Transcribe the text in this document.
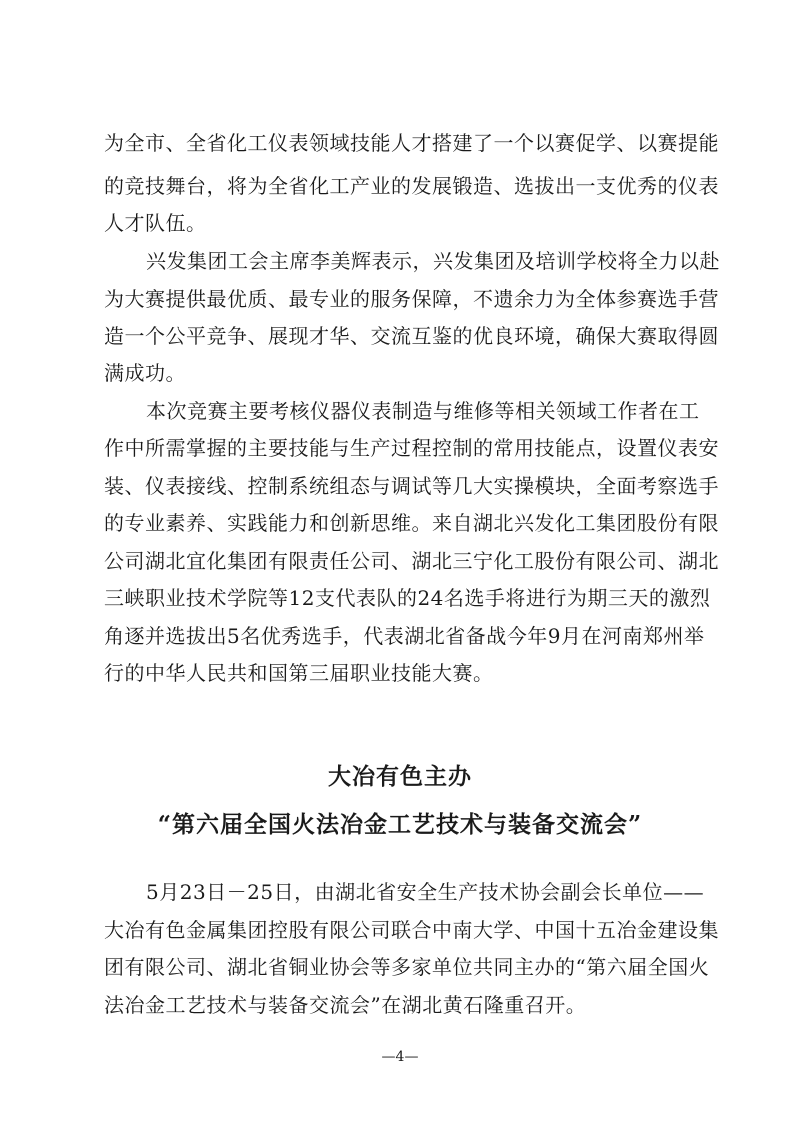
为全市、全省化工仪表领域技能人才搭建了一个以赛促学、以赛提能
的竞技舞台，将为全省化工产业的发展锻造、选拔出一支优秀的仪表
人才队伍。
兴发集团工会主席李美辉表示，兴发集团及培训学校将全力以赴
为大赛提供最优质、最专业的服务保障，不遗余力为全体参赛选手营
造一个公平竞争、展现才华、交流互鉴的优良环境，确保大赛取得圆
满成功。
本次竞赛主要考核仪器仪表制造与维修等相关领域工作者在工
作中所需掌握的主要技能与生产过程控制的常用技能点，设置仪表安
装、仪表接线、控制系统组态与调试等几大实操模块，全面考察选手
的专业素养、实践能力和创新思维。来自湖北兴发化工集团股份有限
公司湖北宜化集团有限责任公司、湖北三宁化工股份有限公司、湖北
三峡职业技术学院等12支代表队的24名选手将进行为期三天的激烈
角逐并选拔出5名优秀选手，代表湖北省备战今年9月在河南郑州举
行的中华人民共和国第三届职业技能大赛。
大冶有色主办
“第六届全国火法冶金工艺技术与装备交流会”
5月23日－25日，由湖北省安全生产技术协会副会长单位——
大冶有色金属集团控股有限公司联合中南大学、中国十五冶金建设集
团有限公司、湖北省铜业协会等多家单位共同主办的“第六届全国火
法冶金工艺技术与装备交流会”在湖北黄石隆重召开。
—4—
